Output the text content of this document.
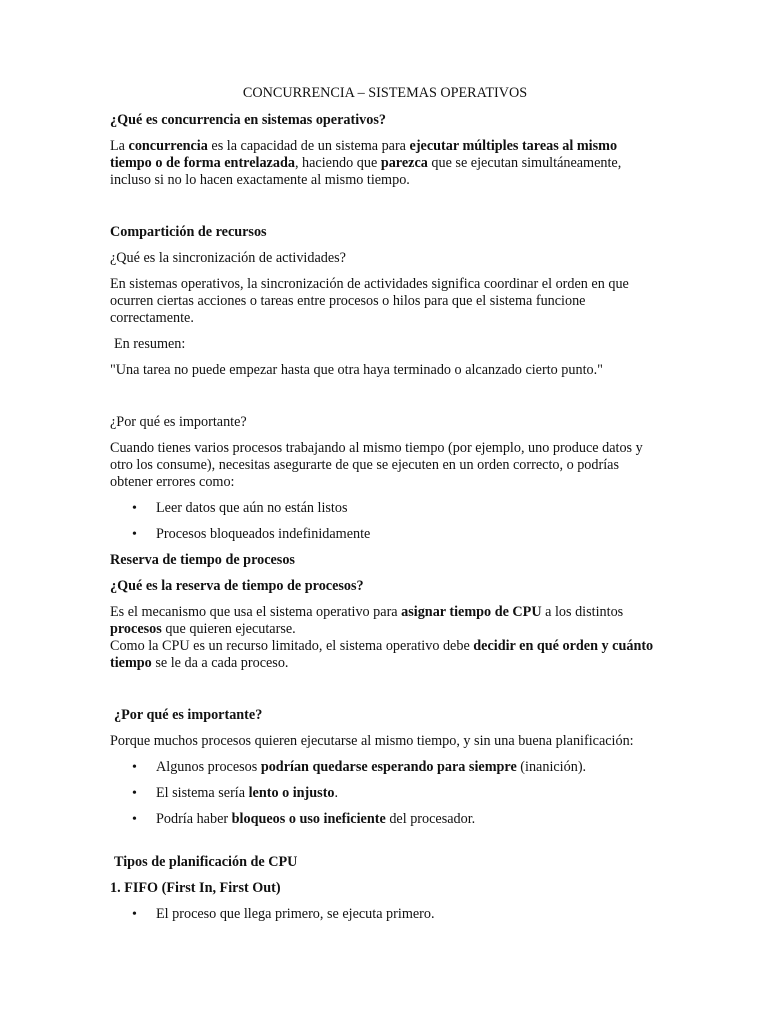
CONCURRENCIA – SISTEMAS OPERATIVOS

¿Qué es concurrencia en sistemas operativos?

La concurrencia es la capacidad de un sistema para ejecutar múltiples tareas al mismo tiempo o de forma entrelazada, haciendo que parezca que se ejecutan simultáneamente, incluso si no lo hacen exactamente al mismo tiempo.

Compartición de recursos

¿Qué es la sincronización de actividades?

En sistemas operativos, la sincronización de actividades significa coordinar el orden en que ocurren ciertas acciones o tareas entre procesos o hilos para que el sistema funcione correctamente.

En resumen:

"Una tarea no puede empezar hasta que otra haya terminado o alcanzado cierto punto."

¿Por qué es importante?

Cuando tienes varios procesos trabajando al mismo tiempo (por ejemplo, uno produce datos y otro los consume), necesitas asegurarte de que se ejecuten en un orden correcto, o podrías obtener errores como:

• Leer datos que aún no están listos
• Procesos bloqueados indefinidamente

Reserva de tiempo de procesos

¿Qué es la reserva de tiempo de procesos?

Es el mecanismo que usa el sistema operativo para asignar tiempo de CPU a los distintos procesos que quieren ejecutarse.

Como la CPU es un recurso limitado, el sistema operativo debe decidir en qué orden y cuánto tiempo se le da a cada proceso.

¿Por qué es importante?

Porque muchos procesos quieren ejecutarse al mismo tiempo, y sin una buena planificación:

• Algunos procesos podrían quedarse esperando para siempre (inanición).
• El sistema sería lento o injusto.
• Podría haber bloqueos o uso ineficiente del procesador.

Tipos de planificación de CPU

1. FIFO (First In, First Out)

• El proceso que llega primero, se ejecuta primero.
